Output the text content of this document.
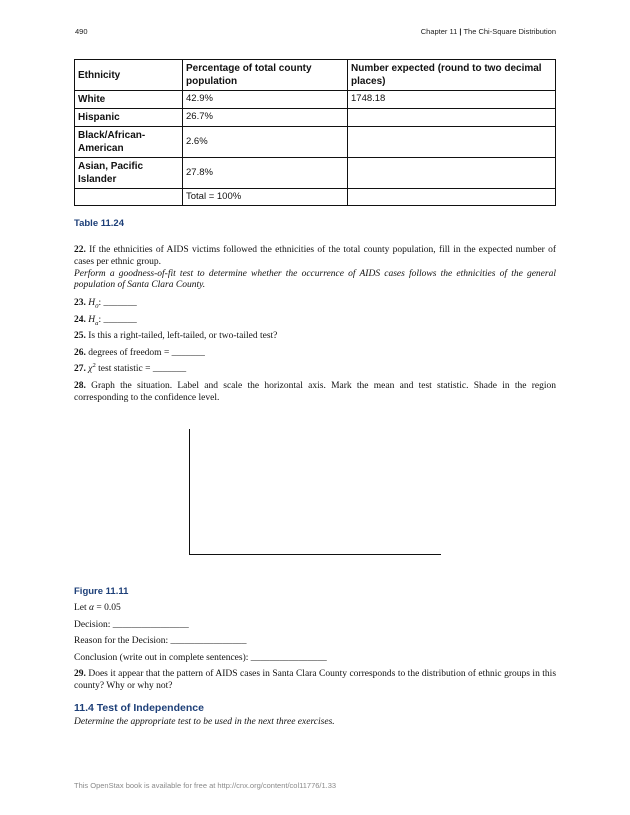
490	Chapter 11 | The Chi-Square Distribution
Ethnicity	Percentage of total county population	Number expected (round to two decimal places)
White	42.9%	1748.18
Hispanic	26.7%	
Black/African-American	2.6%	
Asian, Pacific Islander	27.8%	
	Total = 100%	
Table 11.24
22. If the ethnicities of AIDS victims followed the ethnicities of the total county population, fill in the expected number of cases per ethnic group.
Perform a goodness-of-fit test to determine whether the occurrence of AIDS cases follows the ethnicities of the general population of Santa Clara County.
23. $H_0$: _______
24. $H_a$: _______
25. Is this a right-tailed, left-tailed, or two-tailed test?
26. degrees of freedom = _______
27. $\chi^2$ test statistic = _______
28. Graph the situation. Label and scale the horizontal axis. Mark the mean and test statistic. Shade in the region corresponding to the confidence level.
Figure 11.11
Let α = 0.05
Decision: ________________
Reason for the Decision: ________________
Conclusion (write out in complete sentences): ________________
29. Does it appear that the pattern of AIDS cases in Santa Clara County corresponds to the distribution of ethnic groups in this county? Why or why not?
11.4 Test of Independence
Determine the appropriate test to be used in the next three exercises.
This OpenStax book is available for free at http://cnx.org/content/col11776/1.33
